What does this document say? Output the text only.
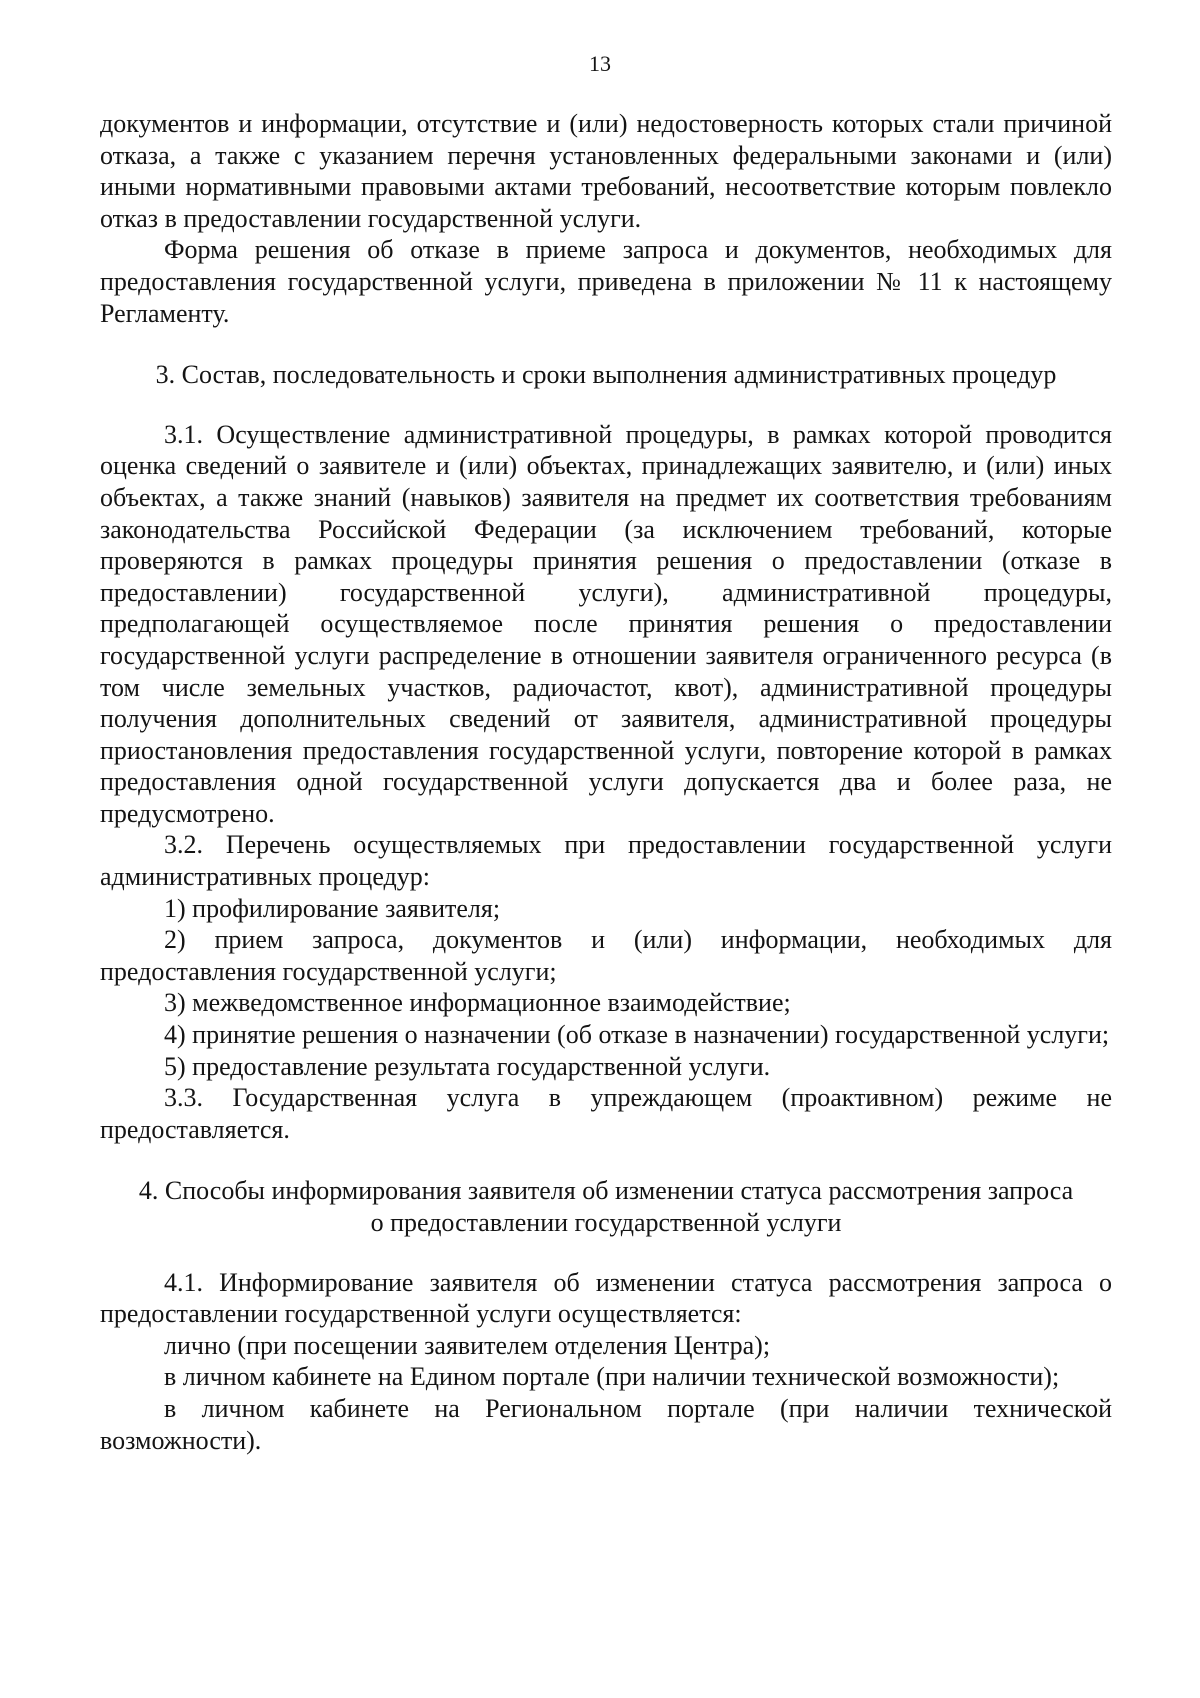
13

документов и информации, отсутствие и (или) недостоверность которых стали причиной отказа, а также с указанием перечня установленных федеральными законами и (или) иными нормативными правовыми актами требований, несоответствие которым повлекло отказ в предоставлении государственной услуги.

Форма решения об отказе в приеме запроса и документов, необходимых для предоставления государственной услуги, приведена в приложении № 11 к настоящему Регламенту.

3. Состав, последовательность и сроки выполнения административных процедур

3.1. Осуществление административной процедуры, в рамках которой проводится оценка сведений о заявителе и (или) объектах, принадлежащих заявителю, и (или) иных объектах, а также знаний (навыков) заявителя на предмет их соответствия требованиям законодательства Российской Федерации (за исключением требований, которые проверяются в рамках процедуры принятия решения о предоставлении (отказе в предоставлении) государственной услуги), административной процедуры, предполагающей осуществляемое после принятия решения о предоставлении государственной услуги распределение в отношении заявителя ограниченного ресурса (в том числе земельных участков, радиочастот, квот), административной процедуры получения дополнительных сведений от заявителя, административной процедуры приостановления предоставления государственной услуги, повторение которой в рамках предоставления одной государственной услуги допускается два и более раза, не предусмотрено.

3.2. Перечень осуществляемых при предоставлении государственной услуги административных процедур:

1) профилирование заявителя;

2) прием запроса, документов и (или) информации, необходимых для предоставления государственной услуги;

3) межведомственное информационное взаимодействие;

4) принятие решения о назначении (об отказе в назначении) государственной услуги;

5) предоставление результата государственной услуги.

3.3. Государственная услуга в упреждающем (проактивном) режиме не предоставляется.

4. Способы информирования заявителя об изменении статуса рассмотрения запроса
о предоставлении государственной услуги

4.1. Информирование заявителя об изменении статуса рассмотрения запроса о предоставлении государственной услуги осуществляется:

лично (при посещении заявителем отделения Центра);

в личном кабинете на Едином портале (при наличии технической возможности);

в личном кабинете на Региональном портале (при наличии технической возможности).
